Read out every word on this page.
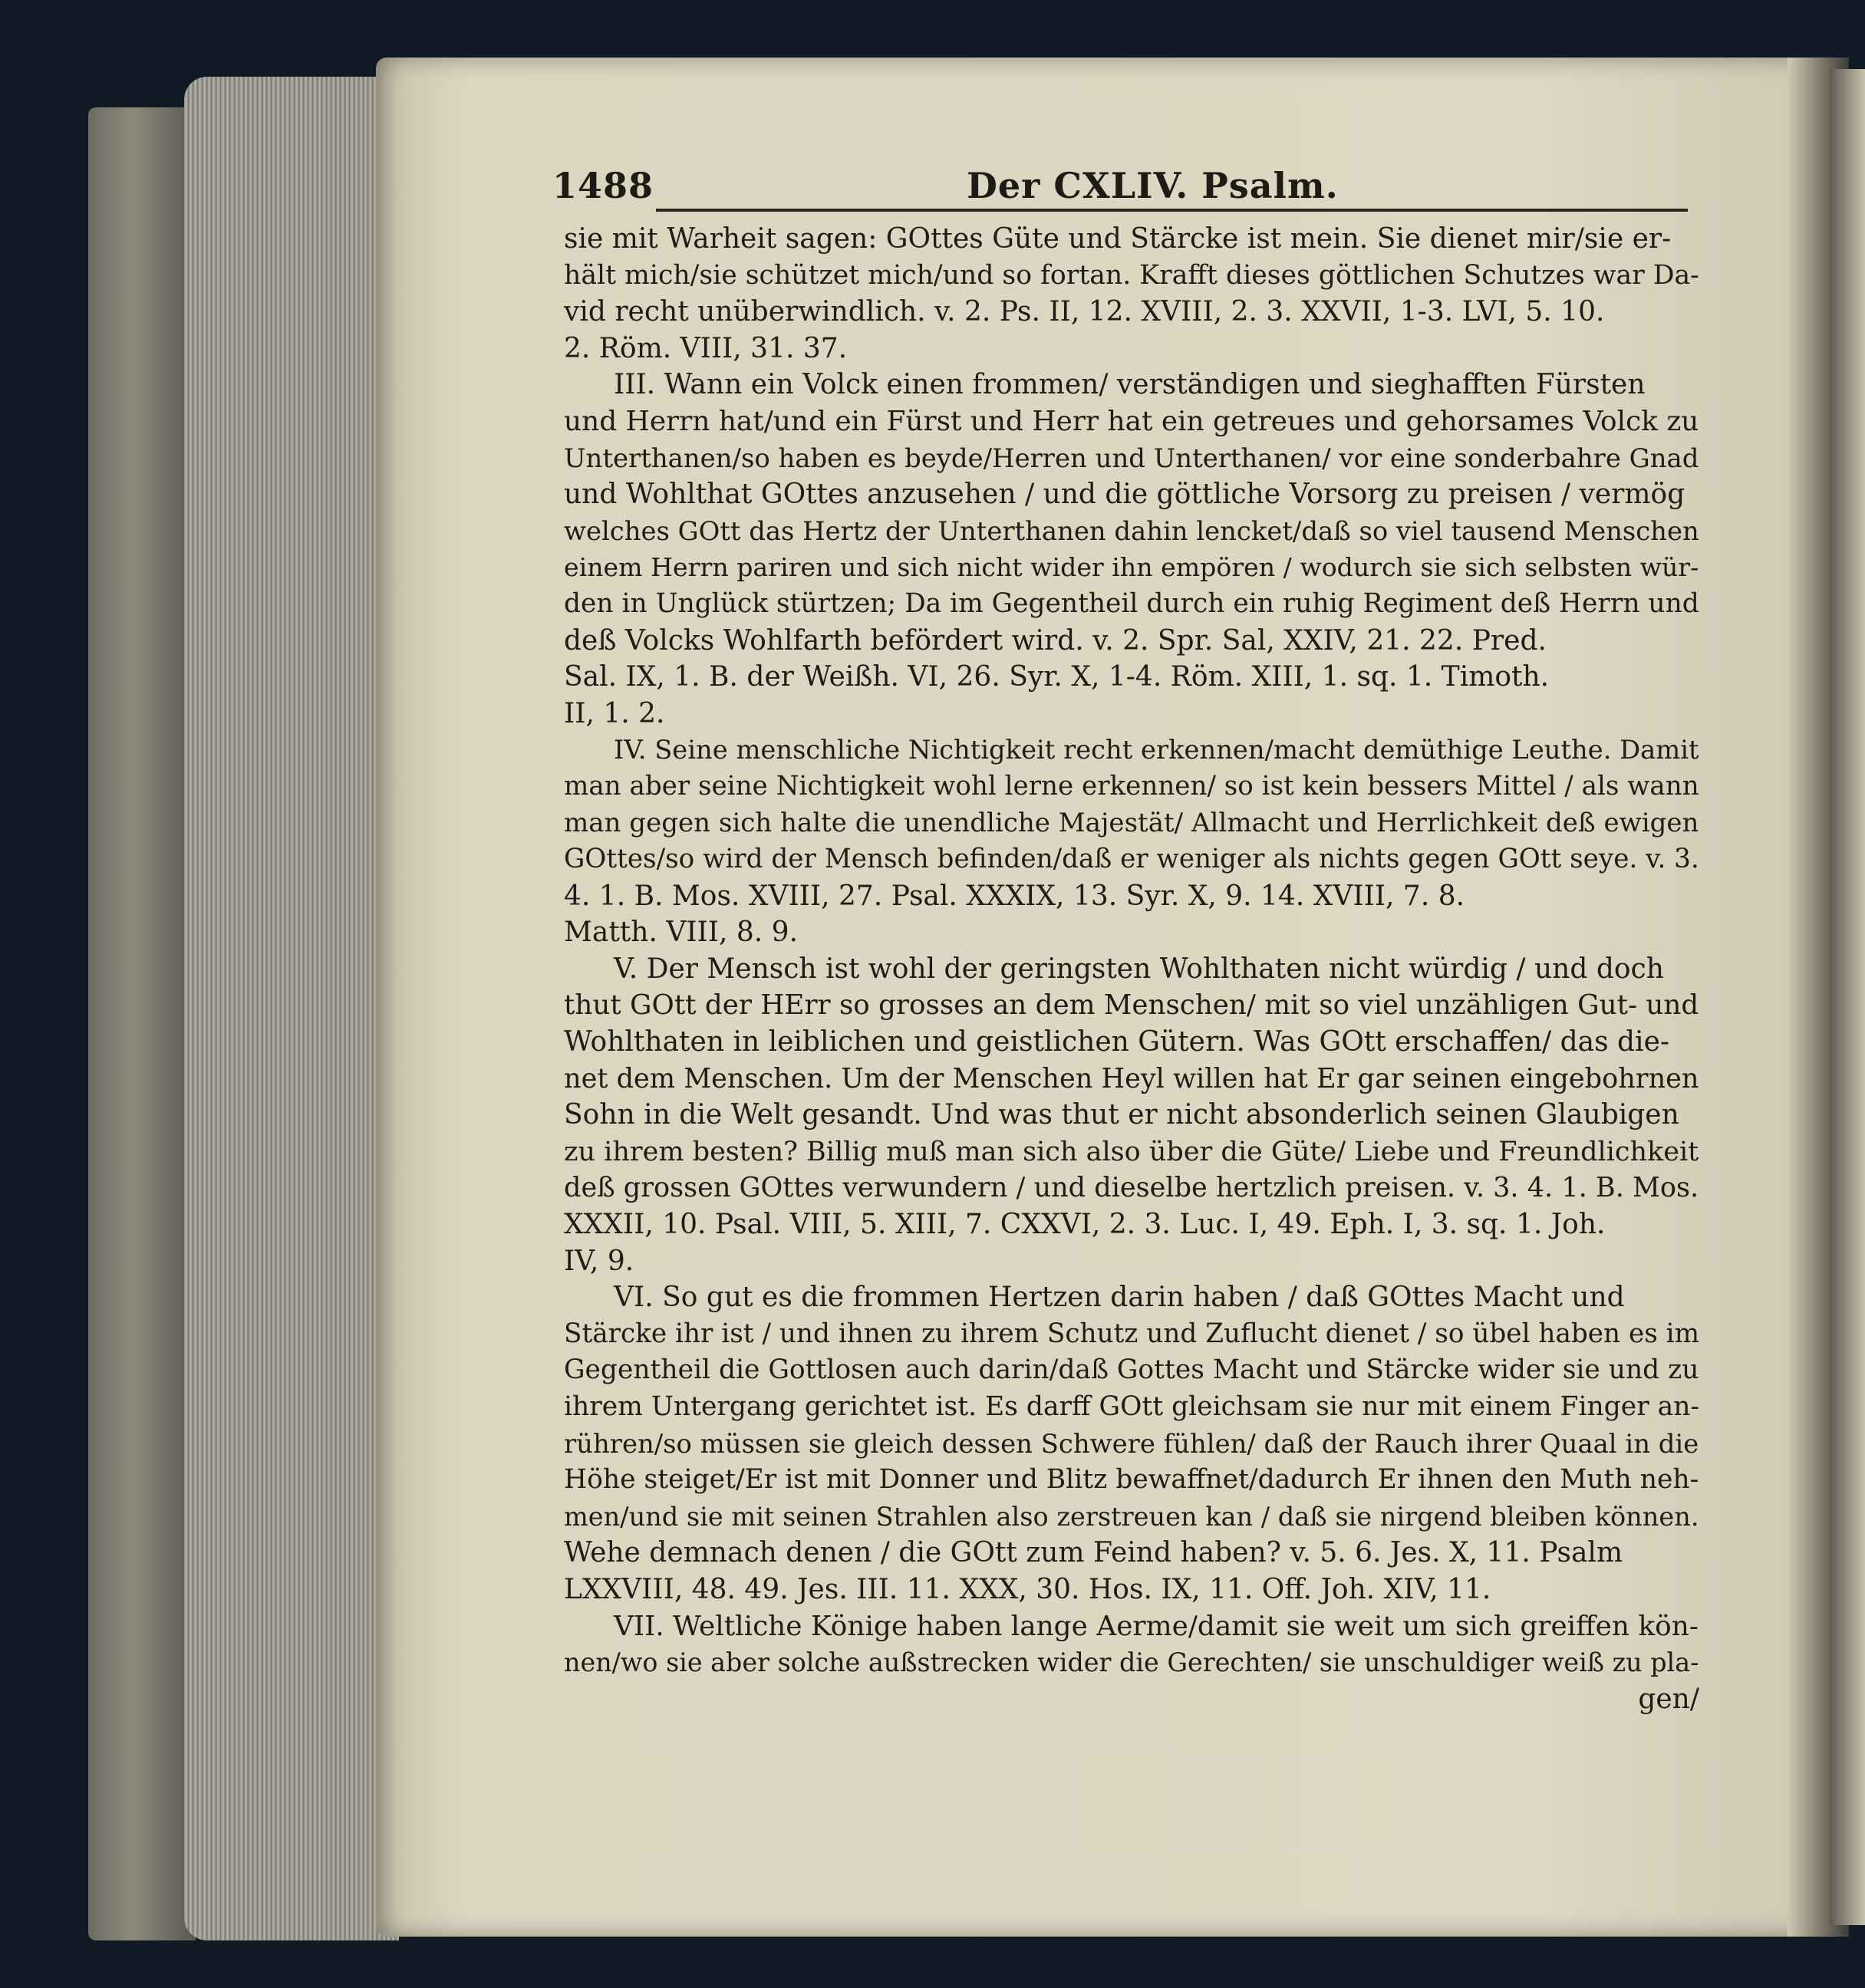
1488	Der CXLIV. Psalm.
sie mit Warheit sagen: GOttes Güte und Stärcke ist mein. Sie dienet mir/sie er-
hält mich/sie schützet mich/und so fortan. Krafft dieses göttlichen Schutzes war Da-
vid recht unüberwindlich. v. 2. Ps. II, 12. XVIII, 2. 3. XXVII, 1-3. LVI, 5. 10.
2. Röm. VIII, 31. 37.
III. Wann ein Volck einen frommen/ verständigen und sieghafften Fürsten
und Herrn hat/und ein Fürst und Herr hat ein getreues und gehorsames Volck zu
Unterthanen/so haben es beyde/Herren und Unterthanen/ vor eine sonderbahre Gnad
und Wohlthat GOttes anzusehen / und die göttliche Vorsorg zu preisen / vermög
welches GOtt das Hertz der Unterthanen dahin lencket/daß so viel tausend Menschen
einem Herrn pariren und sich nicht wider ihn empören / wodurch sie sich selbsten wür-
den in Unglück stürtzen; Da im Gegentheil durch ein ruhig Regiment deß Herrn und
deß Volcks Wohlfarth befördert wird. v. 2. Spr. Sal, XXIV, 21. 22. Pred.
Sal. IX, 1. B. der Weißh. VI, 26. Syr. X, 1-4. Röm. XIII, 1. sq. 1. Timoth.
II, 1. 2.
IV. Seine menschliche Nichtigkeit recht erkennen/macht demüthige Leuthe. Damit
man aber seine Nichtigkeit wohl lerne erkennen/ so ist kein bessers Mittel / als wann
man gegen sich halte die unendliche Majestät/ Allmacht und Herrlichkeit deß ewigen
GOttes/so wird der Mensch befinden/daß er weniger als nichts gegen GOtt seye. v. 3.
4. 1. B. Mos. XVIII, 27. Psal. XXXIX, 13. Syr. X, 9. 14. XVIII, 7. 8.
Matth. VIII, 8. 9.
V. Der Mensch ist wohl der geringsten Wohlthaten nicht würdig / und doch
thut GOtt der HErr so grosses an dem Menschen/ mit so viel unzähligen Gut- und
Wohlthaten in leiblichen und geistlichen Gütern. Was GOtt erschaffen/ das die-
net dem Menschen. Um der Menschen Heyl willen hat Er gar seinen eingebohrnen
Sohn in die Welt gesandt. Und was thut er nicht absonderlich seinen Glaubigen
zu ihrem besten? Billig muß man sich also über die Güte/ Liebe und Freundlichkeit
deß grossen GOttes verwundern / und dieselbe hertzlich preisen. v. 3. 4. 1. B. Mos.
XXXII, 10. Psal. VIII, 5. XIII, 7. CXXVI, 2. 3. Luc. I, 49. Eph. I, 3. sq. 1. Joh.
IV, 9.
VI. So gut es die frommen Hertzen darin haben / daß GOttes Macht und
Stärcke ihr ist / und ihnen zu ihrem Schutz und Zuflucht dienet / so übel haben es im
Gegentheil die Gottlosen auch darin/daß Gottes Macht und Stärcke wider sie und zu
ihrem Untergang gerichtet ist. Es darff GOtt gleichsam sie nur mit einem Finger an-
rühren/so müssen sie gleich dessen Schwere fühlen/ daß der Rauch ihrer Quaal in die
Höhe steiget/Er ist mit Donner und Blitz bewaffnet/dadurch Er ihnen den Muth neh-
men/und sie mit seinen Strahlen also zerstreuen kan / daß sie nirgend bleiben können.
Wehe demnach denen / die GOtt zum Feind haben? v. 5. 6. Jes. X, 11. Psalm
LXXVIII, 48. 49. Jes. III. 11. XXX, 30. Hos. IX, 11. Off. Joh. XIV, 11.
VII. Weltliche Könige haben lange Aerme/damit sie weit um sich greiffen kön-
nen/wo sie aber solche außstrecken wider die Gerechten/ sie unschuldiger weiß zu pla-
gen/
